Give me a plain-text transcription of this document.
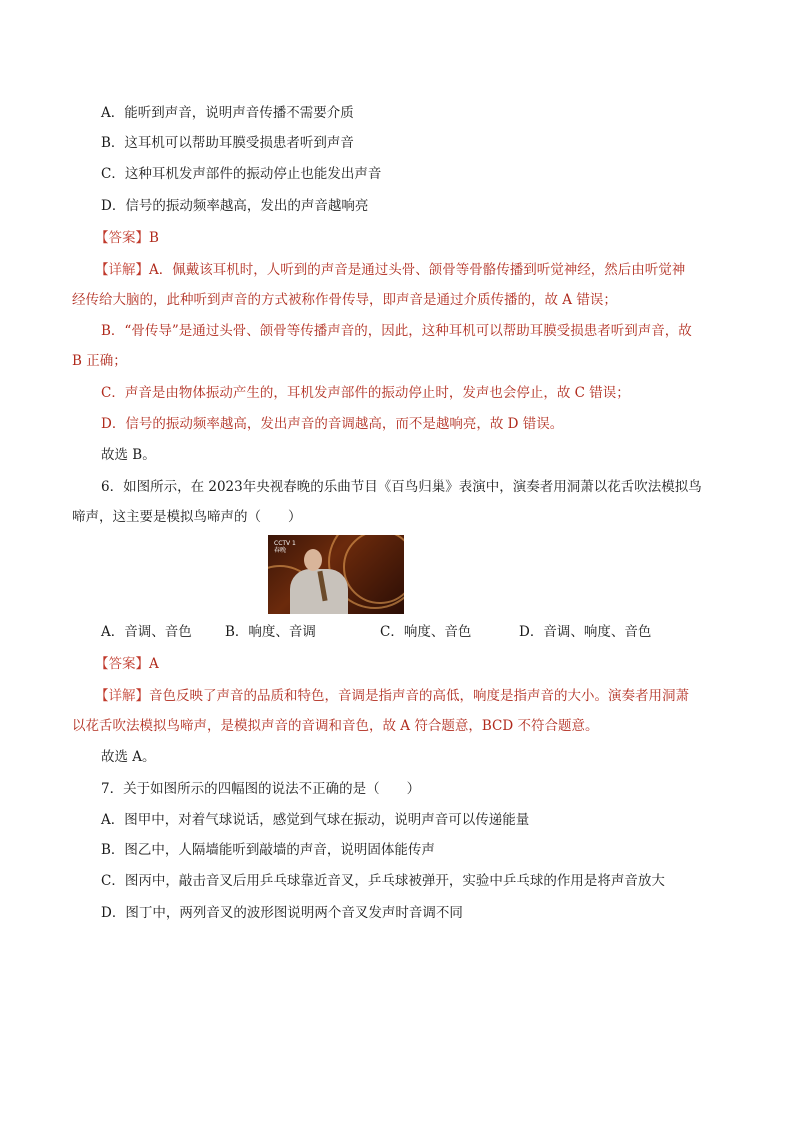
A．能听到声音，说明声音传播不需要介质
B．这耳机可以帮助耳膜受损患者听到声音
C．这种耳机发声部件的振动停止也能发出声音
D．信号的振动频率越高，发出的声音越响亮
【答案】B
【详解】A．佩戴该耳机时，人听到的声音是通过头骨、颌骨等骨骼传播到听觉神经，然后由听觉神
经传给大脑的，此种听到声音的方式被称作骨传导，即声音是通过介质传播的，故 A 错误；
B．“骨传导”是通过头骨、颌骨等传播声音的，因此，这种耳机可以帮助耳膜受损患者听到声音，故
B 正确；
C．声音是由物体振动产生的，耳机发声部件的振动停止时，发声也会停止，故 C 错误；
D．信号的振动频率越高，发出声音的音调越高，而不是越响亮，故 D 错误。
故选 B。
6．如图所示，在 2023年央视春晚的乐曲节目《百鸟归巢》表演中，演奏者用洞萧以花舌吹法模拟鸟
啼声，这主要是模拟鸟啼声的（　　）
CCTV 1
春晚
A．音调、音色 B．响度、音调	C．响度、音色	D．音调、响度、音色
【答案】A
【详解】音色反映了声音的品质和特色，音调是指声音的高低，响度是指声音的大小。演奏者用洞萧
以花舌吹法模拟鸟啼声，是模拟声音的音调和音色，故 A 符合题意，BCD 不符合题意。
故选 A。
7．关于如图所示的四幅图的说法不正确的是（　　）
A．图甲中，对着气球说话，感觉到气球在振动，说明声音可以传递能量
B．图乙中，人隔墙能听到敲墙的声音，说明固体能传声
C．图丙中，敲击音叉后用乒乓球靠近音叉，乒乓球被弹开，实验中乒乓球的作用是将声音放大
D．图丁中，两列音叉的波形图说明两个音叉发声时音调不同
